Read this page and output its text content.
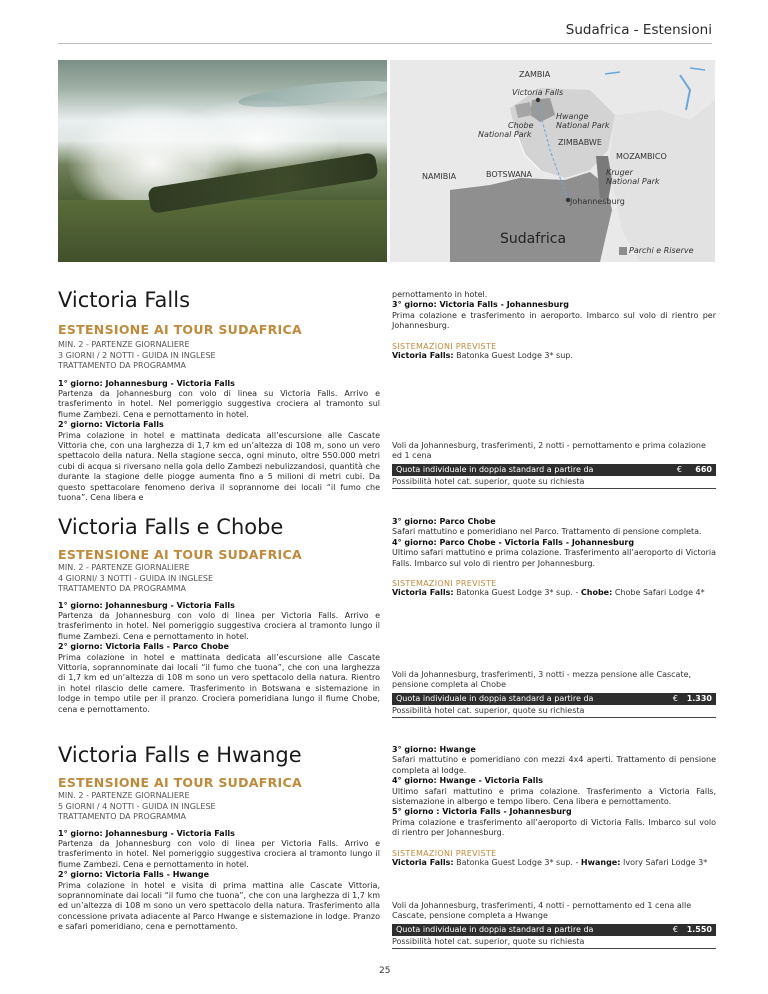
Sudafrica - Estensioni
ZAMBIA
Victoria Falls
Hwange
National Park
Chobe
National Park
ZIMBABWE
MOZAMBICO
NAMIBIA	BOTSWANA	Kruger
National Park
Johannesburg
Sudafrica
Parchi e Riserve
Victoria Falls
ESTENSIONE AI TOUR SUDAFRICA
MIN. 2 - PARTENZE GIORNALIERE
3 GIORNI / 2 NOTTI - GUIDA IN INGLESE
TRATTAMENTO DA PROGRAMMA
1° giorno: Johannesburg - Victoria Falls
Partenza da Johannesburg con volo di linea su Victoria Falls. Arrivo e trasferimento in hotel. Nel pomeriggio suggestiva crociera al tramonto sul fiume Zambezi. Cena e pernottamento in hotel.
2° giorno: Victoria Falls
Prima colazione in hotel e mattinata dedicata all’escursione alle Cascate Vittoria che, con una larghezza di 1,7 km ed un’altezza di 108 m, sono un vero spettacolo della natura. Nella stagione secca, ogni minuto, oltre 550.000 metri cubi di acqua si riversano nella gola dello Zambezi nebulizzandosi, quantità che durante la stagione delle piogge aumenta fino a 5 milioni di metri cubi. Da questo spettacolare fenomeno deriva il soprannome dei locali “il fumo che tuona”. Cena libera e
pernottamento in hotel.
3° giorno: Victoria Falls - Johannesburg
Prima colazione e trasferimento in aeroporto. Imbarco sul volo di rientro per Johannesburg.
SISTEMAZIONI PREVISTE
Victoria Falls: Batonka Guest Lodge 3* sup.
Voli da Johannesburg, trasferimenti, 2 notti - pernottamento e prima colazione ed 1 cena
Quota individuale in doppia standard a partire da	€ 660
Possibilità hotel cat. superior, quote su richiesta
Victoria Falls e Chobe
ESTENSIONE AI TOUR SUDAFRICA
MIN. 2 - PARTENZE GIORNALIERE
4 GIORNI/ 3 NOTTI - GUIDA IN INGLESE
TRATTAMENTO DA PROGRAMMA
1° giorno: Johannesburg - Victoria Falls
Partenza da Johannesburg con volo di linea per Victoria Falls. Arrivo e trasferimento in hotel. Nel pomeriggio suggestiva crociera al tramonto lungo il fiume Zambezi. Cena e pernottamento in hotel.
2° giorno: Victoria Falls - Parco Chobe
Prima colazione in hotel e mattinata dedicata all’escursione alle Cascate Vittoria, soprannominate dai locali “il fumo che tuona”, che con una larghezza di 1,7 km ed un’altezza di 108 m sono un vero spettacolo della natura. Rientro in hotel rilascio delle camere. Trasferimento in Botswana e sistemazione in lodge in tempo utile per il pranzo. Crociera pomeridiana lungo il fiume Chobe, cena e pernottamento.
3° giorno: Parco Chobe
Safari mattutino e pomeridiano nel Parco. Trattamento di pensione completa.
4° giorno: Parco Chobe - Victoria Falls - Johannesburg
Ultimo safari mattutino e prima colazione. Trasferimento all’aeroporto di Victoria Falls. Imbarco sul volo di rientro per Johannesburg.
SISTEMAZIONI PREVISTE
Victoria Falls: Batonka Guest Lodge 3* sup. - Chobe: Chobe Safari Lodge 4*
Voli da Johannesburg, trasferimenti, 3 notti - mezza pensione alle Cascate, pensione completa al Chobe
Quota individuale in doppia standard a partire da	€ 1.330
Possibilità hotel cat. superior, quote su richiesta
Victoria Falls e Hwange
ESTENSIONE AI TOUR SUDAFRICA
MIN. 2 - PARTENZE GIORNALIERE
5 GIORNI / 4 NOTTI - GUIDA IN INGLESE
TRATTAMENTO DA PROGRAMMA
1° giorno: Johannesburg - Victoria Falls
Partenza da Johannesburg con volo di linea per Victoria Falls. Arrivo e trasferimento in hotel. Nel pomeriggio suggestiva crociera al tramonto lungo il fiume Zambezi. Cena e pernottamento in hotel.
2° giorno: Victoria Falls - Hwange
Prima colazione in hotel e visita di prima mattina alle Cascate Vittoria, soprannominate dai locali “il fumo che tuona”, che con una larghezza di 1,7 km ed un’altezza di 108 m sono un vero spettacolo della natura. Trasferimento alla concessione privata adiacente al Parco Hwange e sistemazione in lodge. Pranzo e safari pomeridiano, cena e pernottamento.
3° giorno: Hwange
Safari mattutino e pomeridiano con mezzi 4x4 aperti. Trattamento di pensione completa al lodge.
4° giorno: Hwange - Victoria Falls
Ultimo safari mattutino e prima colazione. Trasferimento a Victoria Falls, sistemazione in albergo e tempo libero. Cena libera e pernottamento.
5° giorno : Victoria Falls - Johannesburg
Prima colazione e trasferimento all’aeroporto di Victoria Falls. Imbarco sul volo di rientro per Johannesburg.
SISTEMAZIONI PREVISTE
Victoria Falls: Batonka Guest Lodge 3* sup. - Hwange: Ivory Safari Lodge 3*
Voli da Johannesburg, trasferimenti, 4 notti - pernottamento ed 1 cena alle Cascate, pensione completa a Hwange
Quota individuale in doppia standard a partire da	€ 1.550
Possibilità hotel cat. superior, quote su richiesta
25
